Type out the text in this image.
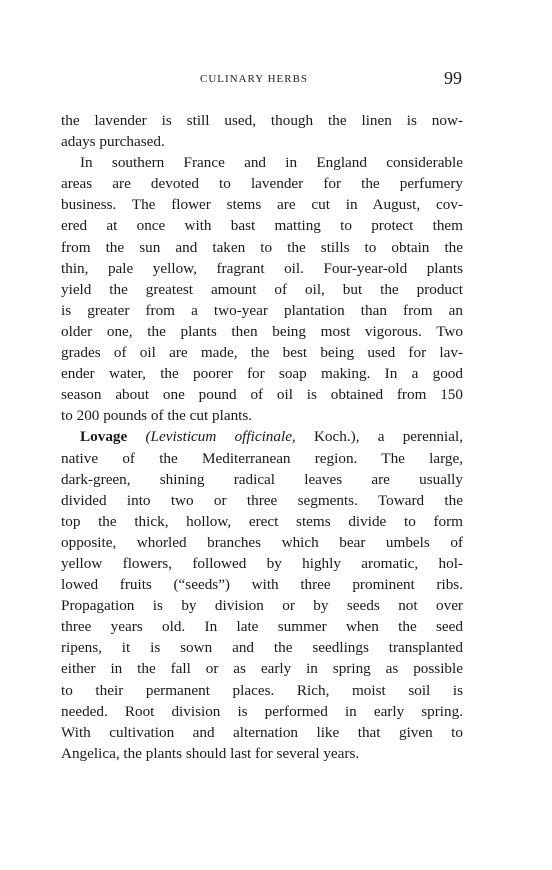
CULINARY HERBS	99
the lavender is still used, though the linen is now-
adays purchased.
In southern France and in England considerable
areas are devoted to lavender for the perfumery
business. The flower stems are cut in August, cov-
ered at once with bast matting to protect them
from the sun and taken to the stills to obtain the
thin, pale yellow, fragrant oil. Four-year-old plants
yield the greatest amount of oil, but the product
is greater from a two-year plantation than from an
older one, the plants then being most vigorous. Two
grades of oil are made, the best being used for lav-
ender water, the poorer for soap making. In a good
season about one pound of oil is obtained from 150
to 200 pounds of the cut plants.
Lovage (Levisticum officinale, Koch.), a perennial,
native of the Mediterranean region. The large,
dark-green, shining radical leaves are usually
divided into two or three segments. Toward the
top the thick, hollow, erect stems divide to form
opposite, whorled branches which bear umbels of
yellow flowers, followed by highly aromatic, hol-
lowed fruits (“seeds”) with three prominent ribs.
Propagation is by division or by seeds not over
three years old. In late summer when the seed
ripens, it is sown and the seedlings transplanted
either in the fall or as early in spring as possible
to their permanent places. Rich, moist soil is
needed. Root division is performed in early spring.
With cultivation and alternation like that given to
Angelica, the plants should last for several years.
